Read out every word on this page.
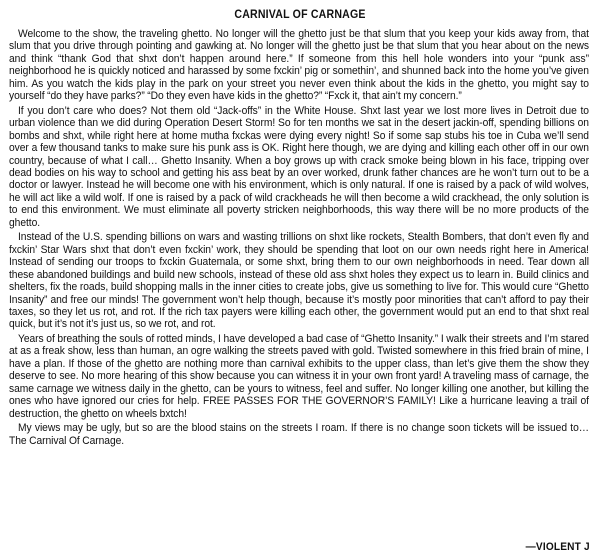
CARNIVAL OF CARNAGE

Welcome to the show, the traveling ghetto. No longer will the ghetto just be that slum that you keep your kids away from, that slum that you drive through pointing and gawking at. No longer will the ghetto just be that slum that you hear about on the news and think “thank God that shxt don’t happen around here.” If someone from this hell hole wonders into your “punk ass” neighborhood he is quickly noticed and harassed by some fxckin’ pig or somethin’, and shunned back into the home you’ve given him. As you watch the kids play in the park on your street you never even think about the kids in the ghetto, you might say to yourself “do they have parks?” “Do they even have kids in the ghetto?” “Fxck it, that ain’t my concern.”

If you don’t care who does? Not them old “Jack-offs” in the White House. Shxt last year we lost more lives in Detroit due to urban violence than we did during Operation Desert Storm! So for ten months we sat in the desert jackin-off, spending billions on bombs and shxt, while right here at home mutha fxckas were dying every night! So if some sap stubs his toe in Cuba we’ll send over a few thousand tanks to make sure his punk ass is OK. Right here though, we are dying and killing each other off in our own country, because of what I call… Ghetto Insanity. When a boy grows up with crack smoke being blown in his face, tripping over dead bodies on his way to school and getting his ass beat by an over worked, drunk father chances are he won’t turn out to be a doctor or lawyer. Instead he will become one with his environment, which is only natural. If one is raised by a pack of wild wolves, he will act like a wild wolf. If one is raised by a pack of wild crackheads he will then become a wild crackhead, the only solution is to end this environment. We must eliminate all poverty stricken neighborhoods, this way there will be no more products of the ghetto.

Instead of the U.S. spending billions on wars and wasting trillions on shxt like rockets, Stealth Bombers, that don’t even fly and fxckin’ Star Wars shxt that don’t even fxckin’ work, they should be spending that loot on our own needs right here in America! Instead of sending our troops to fxckin Guatemala, or some shxt, bring them to our own neighborhoods in need. Tear down all these abandoned buildings and build new schools, instead of these old ass shxt holes they expect us to learn in. Build clinics and shelters, fix the roads, build shopping malls in the inner cities to create jobs, give us something to live for. This would cure “Ghetto Insanity” and free our minds! The government won’t help though, because it’s mostly poor minorities that can’t afford to pay their taxes, so they let us rot, and rot. If the rich tax payers were killing each other, the government would put an end to that shxt real quick, but it’s not it’s just us, so we rot, and rot.

Years of breathing the souls of rotted minds, I have developed a bad case of “Ghetto Insanity.” I walk their streets and I’m stared at as a freak show, less than human, an ogre walking the streets paved with gold. Twisted somewhere in this fried brain of mine, I have a plan. If those of the ghetto are nothing more than carnival exhibits to the upper class, than let’s give them the show they deserve to see. No more hearing of this show because you can witness it in your own front yard! A traveling mass of carnage, the same carnage we witness daily in the ghetto, can be yours to witness, feel and suffer. No longer killing one another, but killing the ones who have ignored our cries for help. FREE PASSES FOR THE GOVERNOR’S FAMILY! Like a hurricane leaving a trail of destruction, the ghetto on wheels bxtch!

My views may be ugly, but so are the blood stains on the streets I roam. If there is no change soon tickets will be issued to… The Carnival Of Carnage.

—VIOLENT J
